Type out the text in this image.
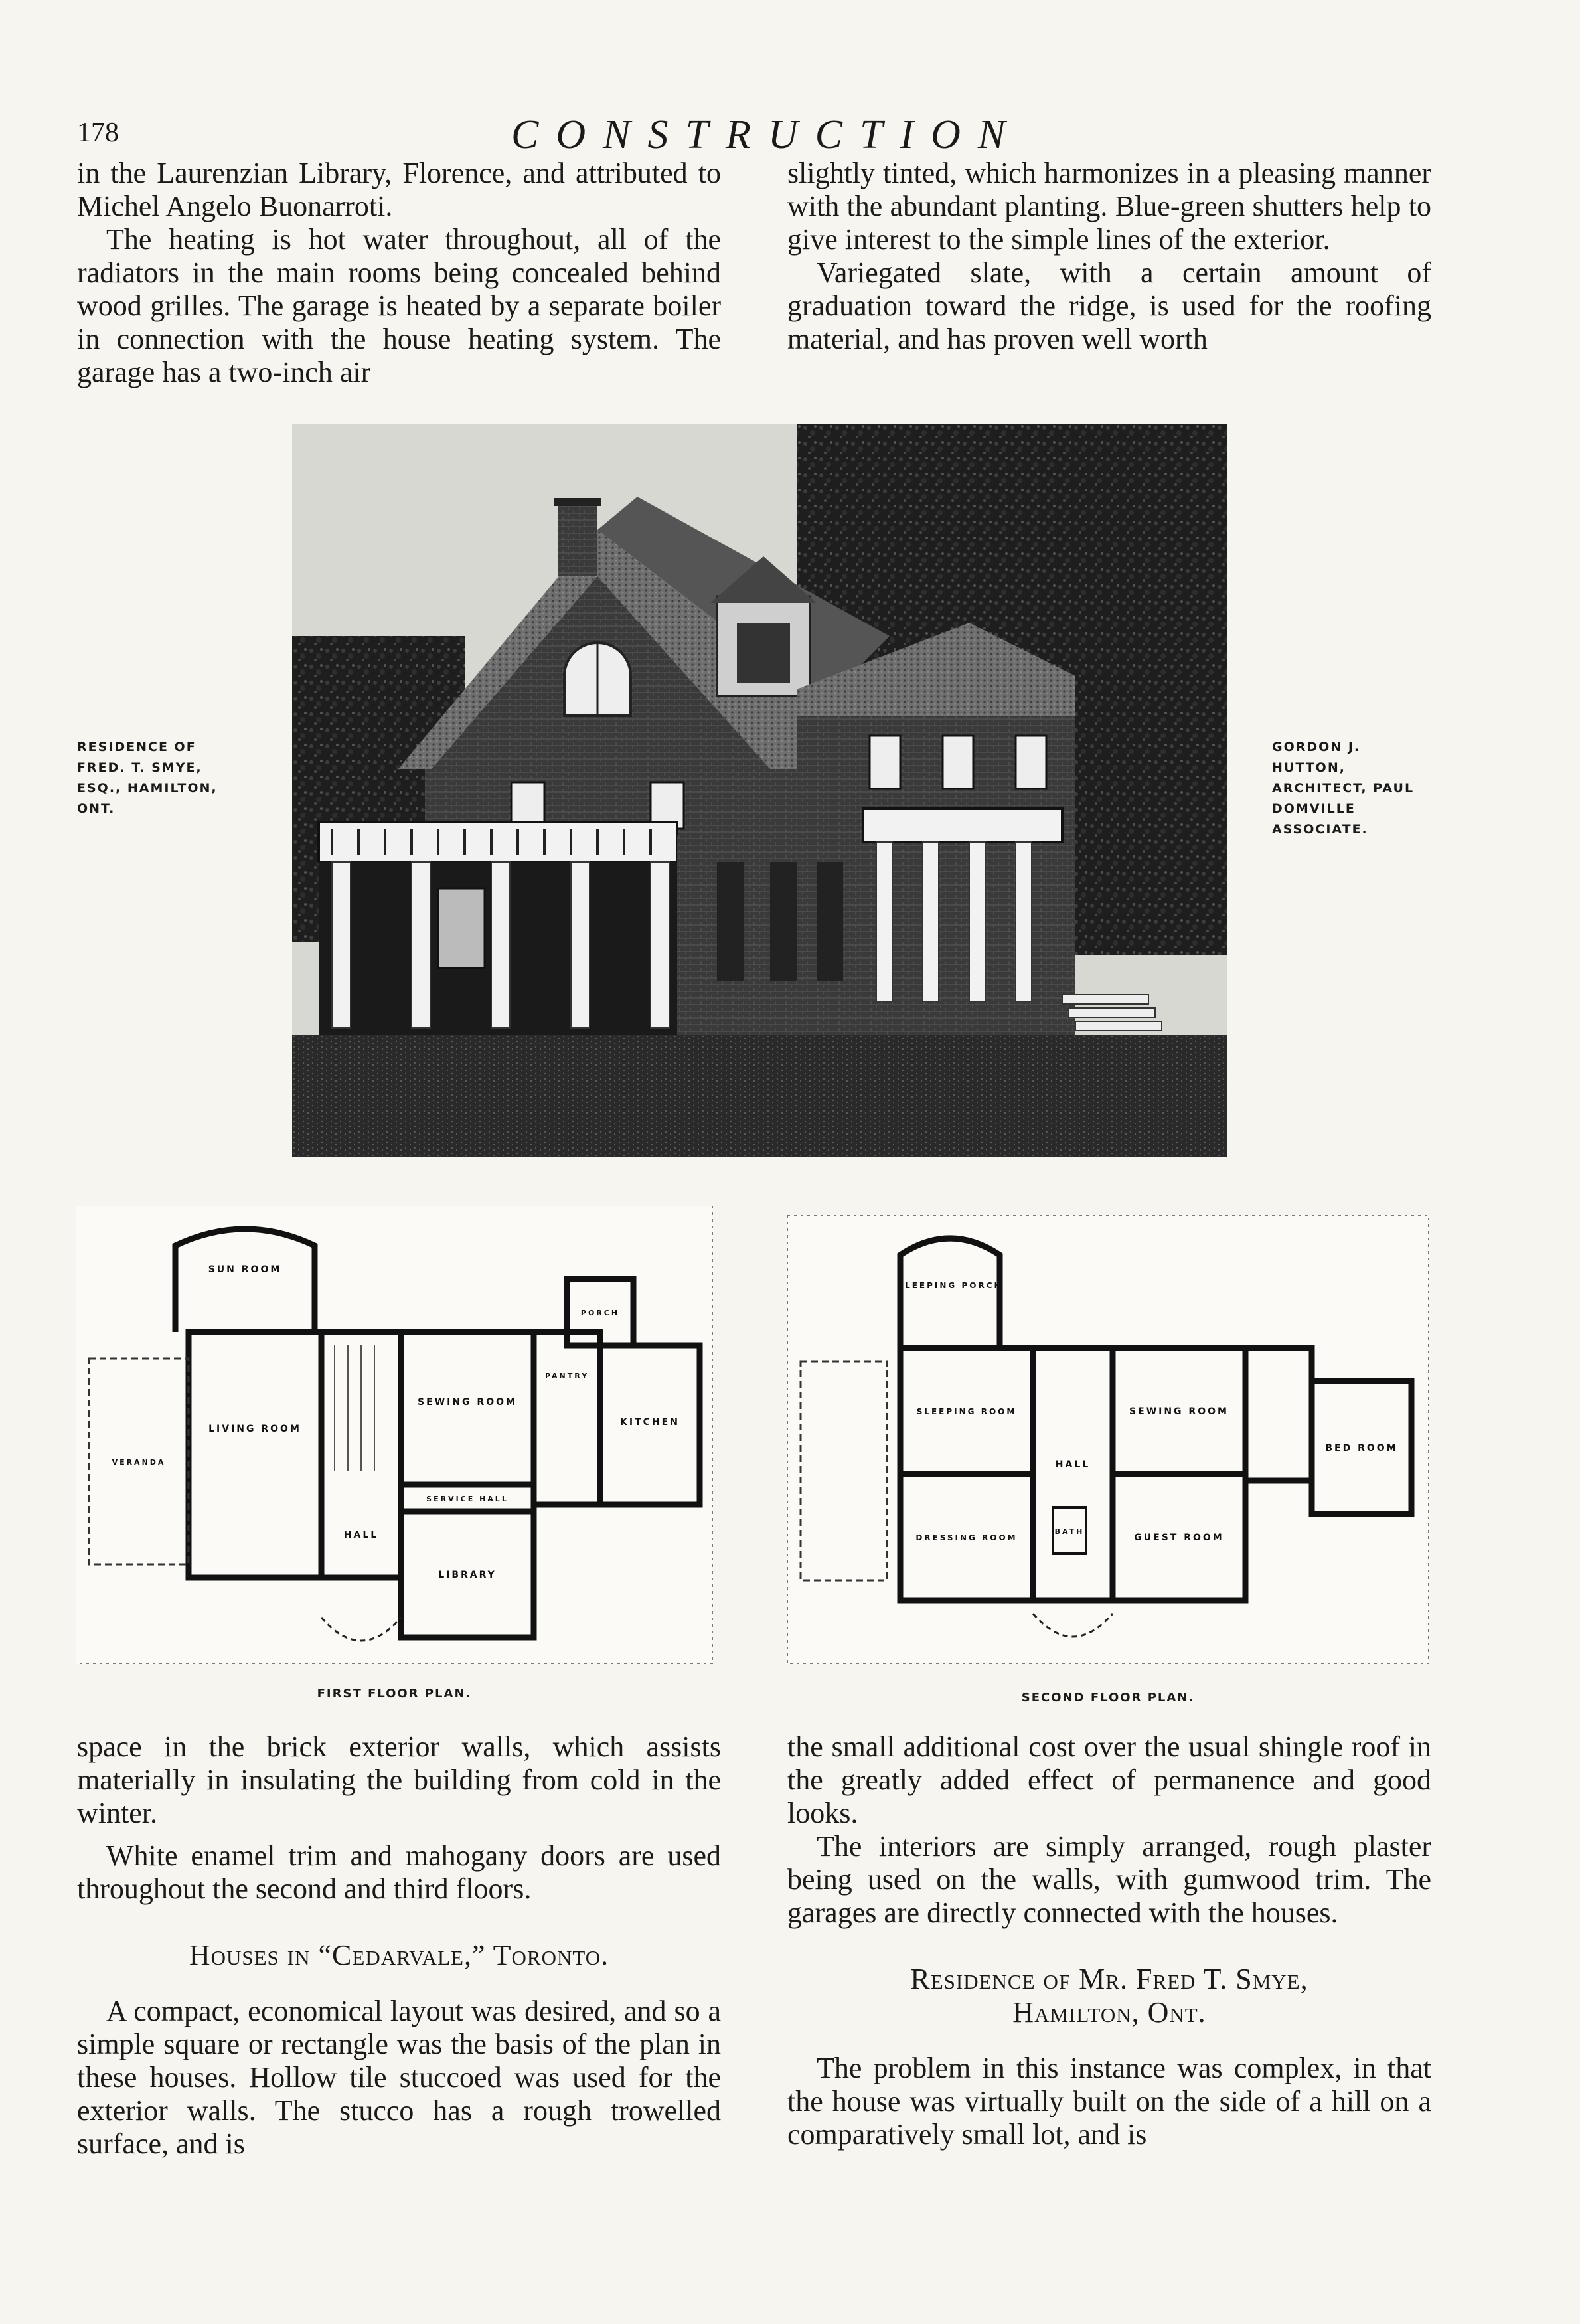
178	CONSTRUCTION

in the Laurenzian Library, Florence, and attributed to Michel Angelo Buonarroti.

The heating is hot water throughout, all of the radiators in the main rooms being concealed behind wood grilles. The garage is heated by a separate boiler in connection with the house heating system. The garage has a two-inch air

slightly tinted, which harmonizes in a pleasing manner with the abundant planting. Blue-green shutters help to give interest to the simple lines of the exterior.

Variegated slate, with a certain amount of graduation toward the ridge, is used for the roofing material, and has proven well worth

RESIDENCE OF FRED. T. SMYE, ESQ., HAMILTON, ONT.
GORDON J. HUTTON, ARCHITECT, PAUL DOMVILLE ASSOCIATE.
SUN ROOM
LIVING ROOM
VERANDA
HALL
SEWING ROOM
SERVICE HALL
LIBRARY
KITCHEN
PANTRY
PORCH
FIRST FLOOR PLAN.
SLEEPING PORCH
SLEEPING ROOM	SEWING ROOM
HALL
DRESSING ROOM	GUEST ROOM
BED ROOM
BATH
SECOND FLOOR PLAN.

space in the brick exterior walls, which assists materially in insulating the building from cold in the winter.

White enamel trim and mahogany doors are used throughout the second and third floors.

Houses in “Cedarvale,” Toronto.

A compact, economical layout was desired, and so a simple square or rectangle was the basis of the plan in these houses. Hollow tile stuccoed was used for the exterior walls. The stucco has a rough trowelled surface, and is

the small additional cost over the usual shingle roof in the greatly added effect of permanence and good looks.

The interiors are simply arranged, rough plaster being used on the walls, with gumwood trim. The garages are directly connected with the houses.

Residence of Mr. Fred T. Smye,

Hamilton, Ont.

The problem in this instance was complex, in that the house was virtually built on the side of a hill on a comparatively small lot, and is
